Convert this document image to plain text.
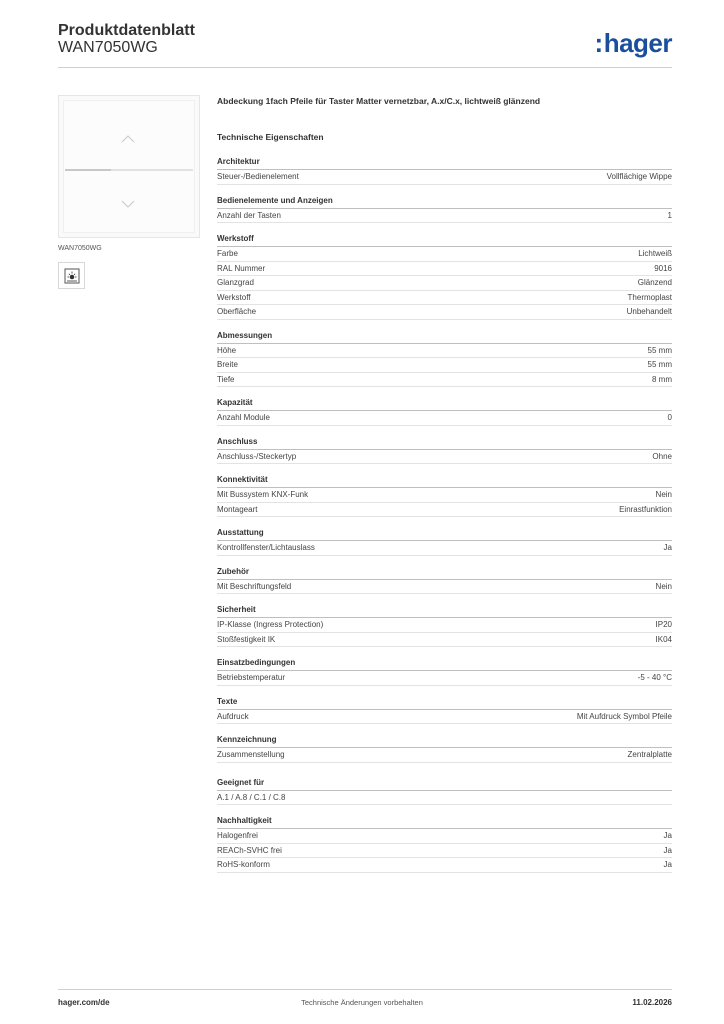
Produktdatenblatt
WAN7050WG	:hager
WAN7050WG
Abdeckung 1fach Pfeile für Taster Matter vernetzbar, A.x/C.x, lichtweiß glänzend
Technische Eigenschaften
Architektur
Steuer-/Bedienelement	Vollflächige Wippe
Bedienelemente und Anzeigen
Anzahl der Tasten	1
Werkstoff
Farbe	Lichtweiß
RAL Nummer	9016
Glanzgrad	Glänzend
Werkstoff	Thermoplast
Oberfläche	Unbehandelt
Abmessungen
Höhe	55 mm
Breite	55 mm
Tiefe	8 mm
Kapazität
Anzahl Module	0
Anschluss
Anschluss-/Steckertyp	Ohne
Konnektivität
Mit Bussystem KNX-Funk	Nein
Montageart	Einrastfunktion
Ausstattung
Kontrollfenster/Lichtauslass	Ja
Zubehör
Mit Beschriftungsfeld	Nein
Sicherheit
IP-Klasse (Ingress Protection)	IP20
Stoßfestigkeit IK	IK04
Einsatzbedingungen
Betriebstemperatur	-5 - 40 °C
Texte
Aufdruck	Mit Aufdruck Symbol Pfeile
Kennzeichnung
Zusammenstellung	Zentralplatte
Geeignet für
A.1 / A.8 / C.1 / C.8
Nachhaltigkeit
Halogenfrei	Ja
REACh-SVHC frei	Ja
RoHS-konform	Ja
hager.com/de	Technische Änderungen vorbehalten	11.02.2026
